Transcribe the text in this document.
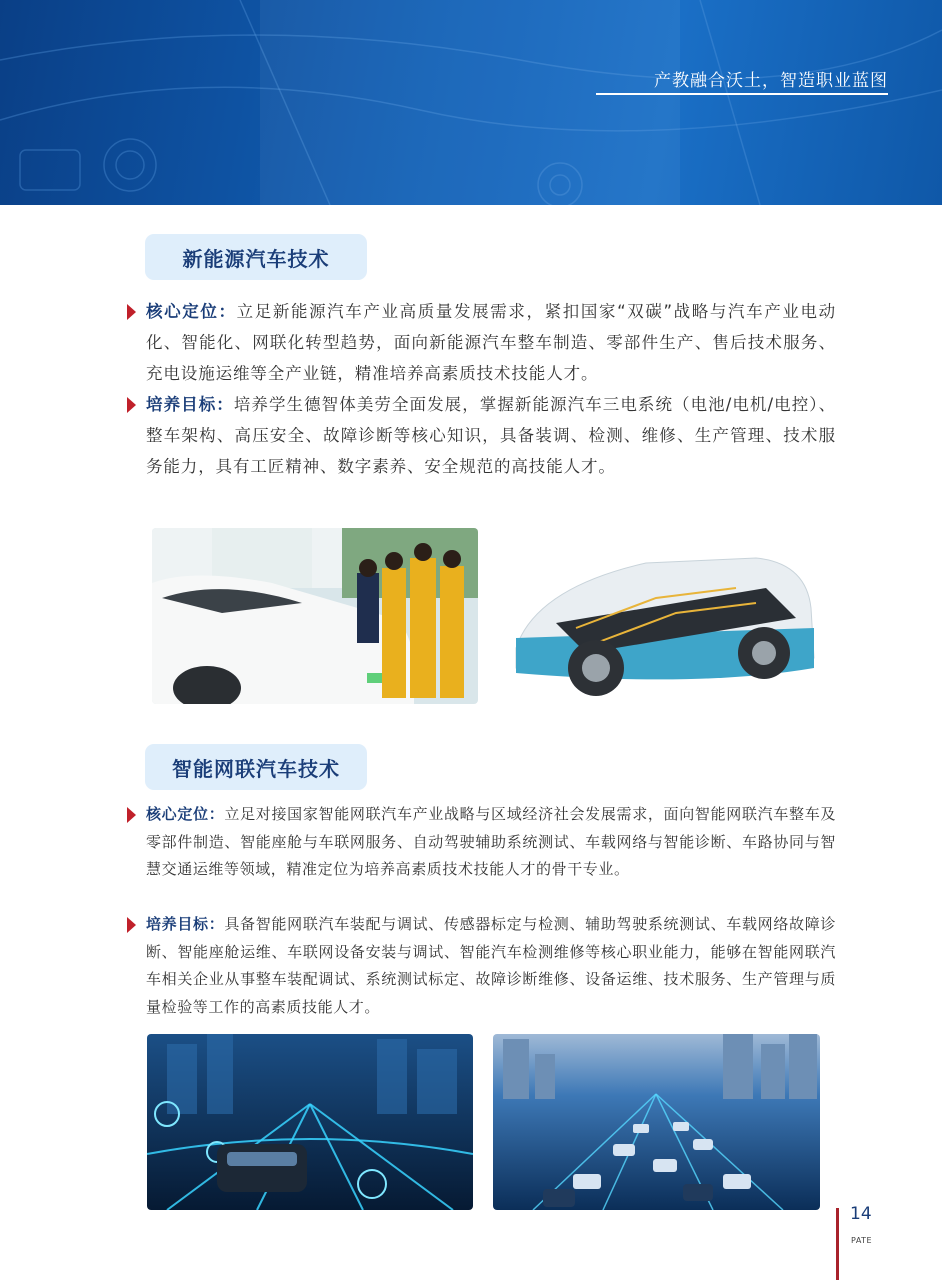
产教融合沃土，智造职业蓝图
新能源汽车技术
核心定位：立足新能源汽车产业高质量发展需求，紧扣国家“双碳”战略与汽车产业电动化、智能化、网联化转型趋势，面向新能源汽车整车制造、零部件生产、售后技术服务、充电设施运维等全产业链，精准培养高素质技术技能人才。
培养目标：培养学生德智体美劳全面发展，掌握新能源汽车三电系统（电池/电机/电控）、整车架构、高压安全、故障诊断等核心知识，具备装调、检测、维修、生产管理、技术服务能力，具有工匠精神、数字素养、安全规范的高技能人才。
智能网联汽车技术
核心定位：立足对接国家智能网联汽车产业战略与区域经济社会发展需求，面向智能网联汽车整车及零部件制造、智能座舱与车联网服务、自动驾驶辅助系统测试、车载网络与智能诊断、车路协同与智慧交通运维等领域，精准定位为培养高素质技术技能人才的骨干专业。
培养目标：具备智能网联汽车装配与调试、传感器标定与检测、辅助驾驶系统测试、车载网络故障诊断、智能座舱运维、车联网设备安装与调试、智能汽车检测维修等核心职业能力，能够在智能网联汽车相关企业从事整车装配调试、系统测试标定、故障诊断维修、设备运维、技术服务、生产管理与质量检验等工作的高素质技能人才。
14
PATE
